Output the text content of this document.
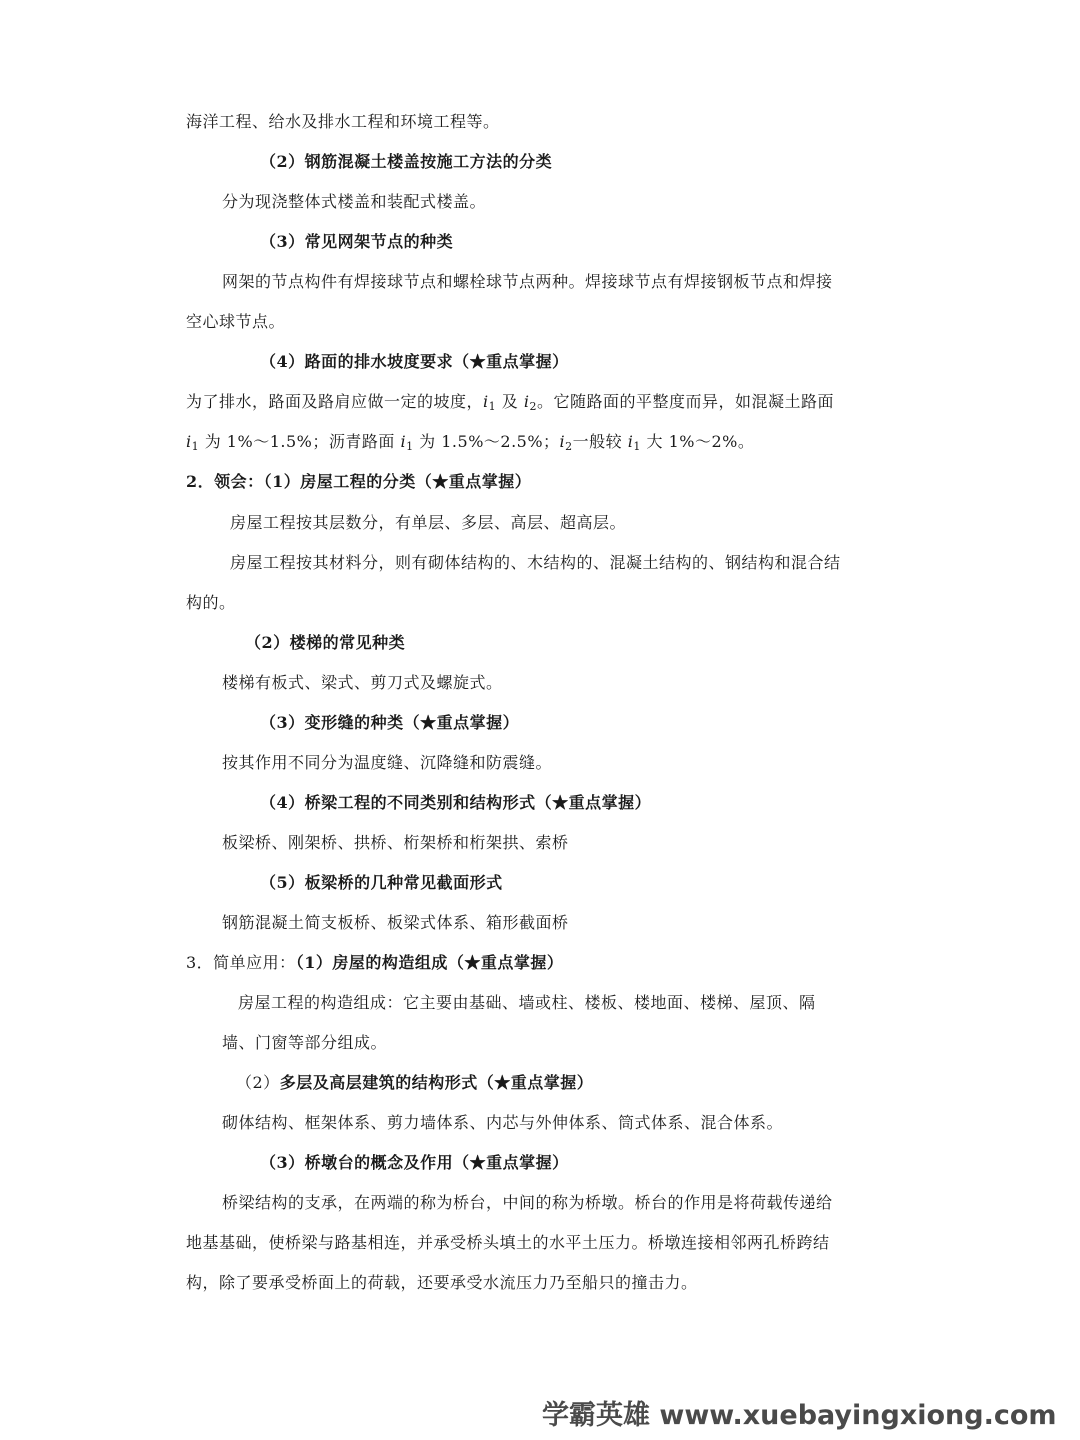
海洋工程、给水及排水工程和环境工程等。
（2）钢筋混凝土楼盖按施工方法的分类
分为现浇整体式楼盖和装配式楼盖。
（3）常见网架节点的种类
网架的节点构件有焊接球节点和螺栓球节点两种。焊接球节点有焊接钢板节点和焊接
空心球节点。
（4）路面的排水坡度要求（★重点掌握）
为了排水，路面及路肩应做一定的坡度，$i_1$ 及 $i_2$。它随路面的平整度而异，如混凝土路面
$i_1$ 为 1%～1.5%；沥青路面 $i_1$ 为 1.5%～2.5%；$i_2$一般较 $i_1$ 大 1%～2%。
2．领会：（1）房屋工程的分类（★重点掌握）
房屋工程按其层数分，有单层、多层、高层、超高层。
房屋工程按其材料分，则有砌体结构的、木结构的、混凝土结构的、钢结构和混合结
构的。
（2）楼梯的常见种类
楼梯有板式、梁式、剪刀式及螺旋式。
（3）变形缝的种类（★重点掌握）
按其作用不同分为温度缝、沉降缝和防震缝。
（4）桥梁工程的不同类别和结构形式（★重点掌握）
板梁桥、刚架桥、拱桥、桁架桥和桁架拱、索桥
（5）板梁桥的几种常见截面形式
钢筋混凝土简支板桥、板梁式体系、箱形截面桥
3．简单应用：（1）房屋的构造组成（★重点掌握）
房屋工程的构造组成：它主要由基础、墙或柱、楼板、楼地面、楼梯、屋顶、隔
墙、门窗等部分组成。
（2）多层及高层建筑的结构形式（★重点掌握）
砌体结构、框架体系、剪力墙体系、内芯与外伸体系、筒式体系、混合体系。
（3）桥墩台的概念及作用（★重点掌握）
桥梁结构的支承，在两端的称为桥台，中间的称为桥墩。桥台的作用是将荷载传递给
地基基础，使桥梁与路基相连，并承受桥头填土的水平土压力。桥墩连接相邻两孔桥跨结
构，除了要承受桥面上的荷载，还要承受水流压力乃至船只的撞击力。
学霸英雄 www.xuebayingxiong.com
